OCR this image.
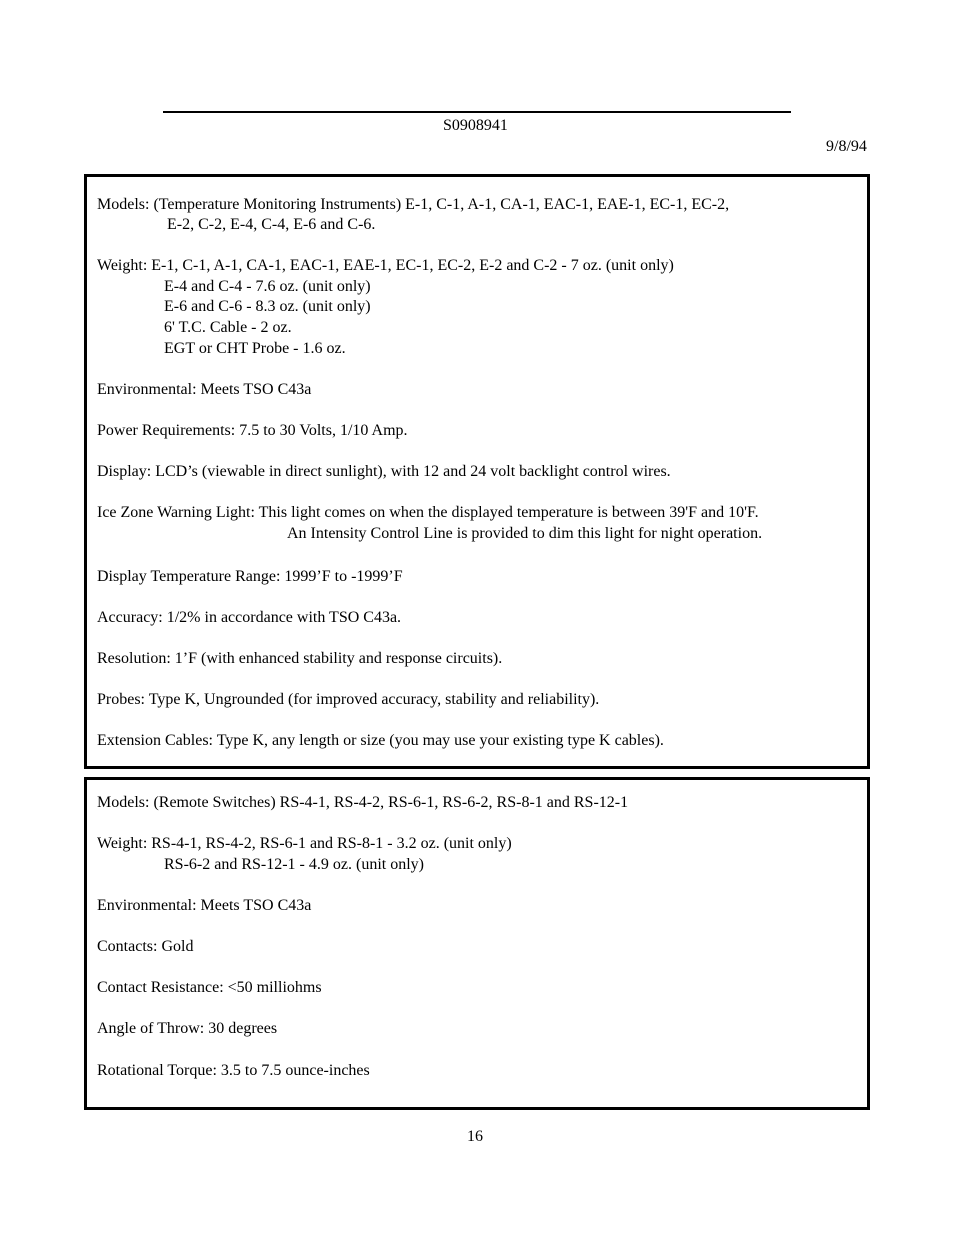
S0908941
9/8/94
Models: (Temperature Monitoring Instruments) E-1, C-1, A-1, CA-1, EAC-1, EAE-1, EC-1, EC-2,
E-2, C-2, E-4, C-4, E-6 and C-6.
Weight: E-1, C-1, A-1, CA-1, EAC-1, EAE-1, EC-1, EC-2, E-2 and C-2 - 7 oz. (unit only)
E-4 and C-4 - 7.6 oz. (unit only)
E-6 and C-6 - 8.3 oz. (unit only)
6' T.C. Cable - 2 oz.
EGT or CHT Probe - 1.6 oz.
Environmental: Meets TSO C43a
Power Requirements: 7.5 to 30 Volts, 1/10 Amp.
Display: LCD’s (viewable in direct sunlight), with 12 and 24 volt backlight control wires.
Ice Zone Warning Light: This light comes on when the displayed temperature is between 39'F and 10'F.
An Intensity Control Line is provided to dim this light for night operation.
Display Temperature Range: 1999’F to -1999’F
Accuracy: 1/2% in accordance with TSO C43a.
Resolution: 1’F (with enhanced stability and response circuits).
Probes: Type K, Ungrounded (for improved accuracy, stability and reliability).
Extension Cables: Type K, any length or size (you may use your existing type K cables).
Models: (Remote Switches) RS-4-1, RS-4-2, RS-6-1, RS-6-2, RS-8-1 and RS-12-1
Weight: RS-4-1, RS-4-2, RS-6-1 and RS-8-1 - 3.2 oz. (unit only)
RS-6-2 and RS-12-1 - 4.9 oz. (unit only)
Environmental: Meets TSO C43a
Contacts: Gold
Contact Resistance: <50 milliohms
Angle of Throw: 30 degrees
Rotational Torque: 3.5 to 7.5 ounce-inches
16
